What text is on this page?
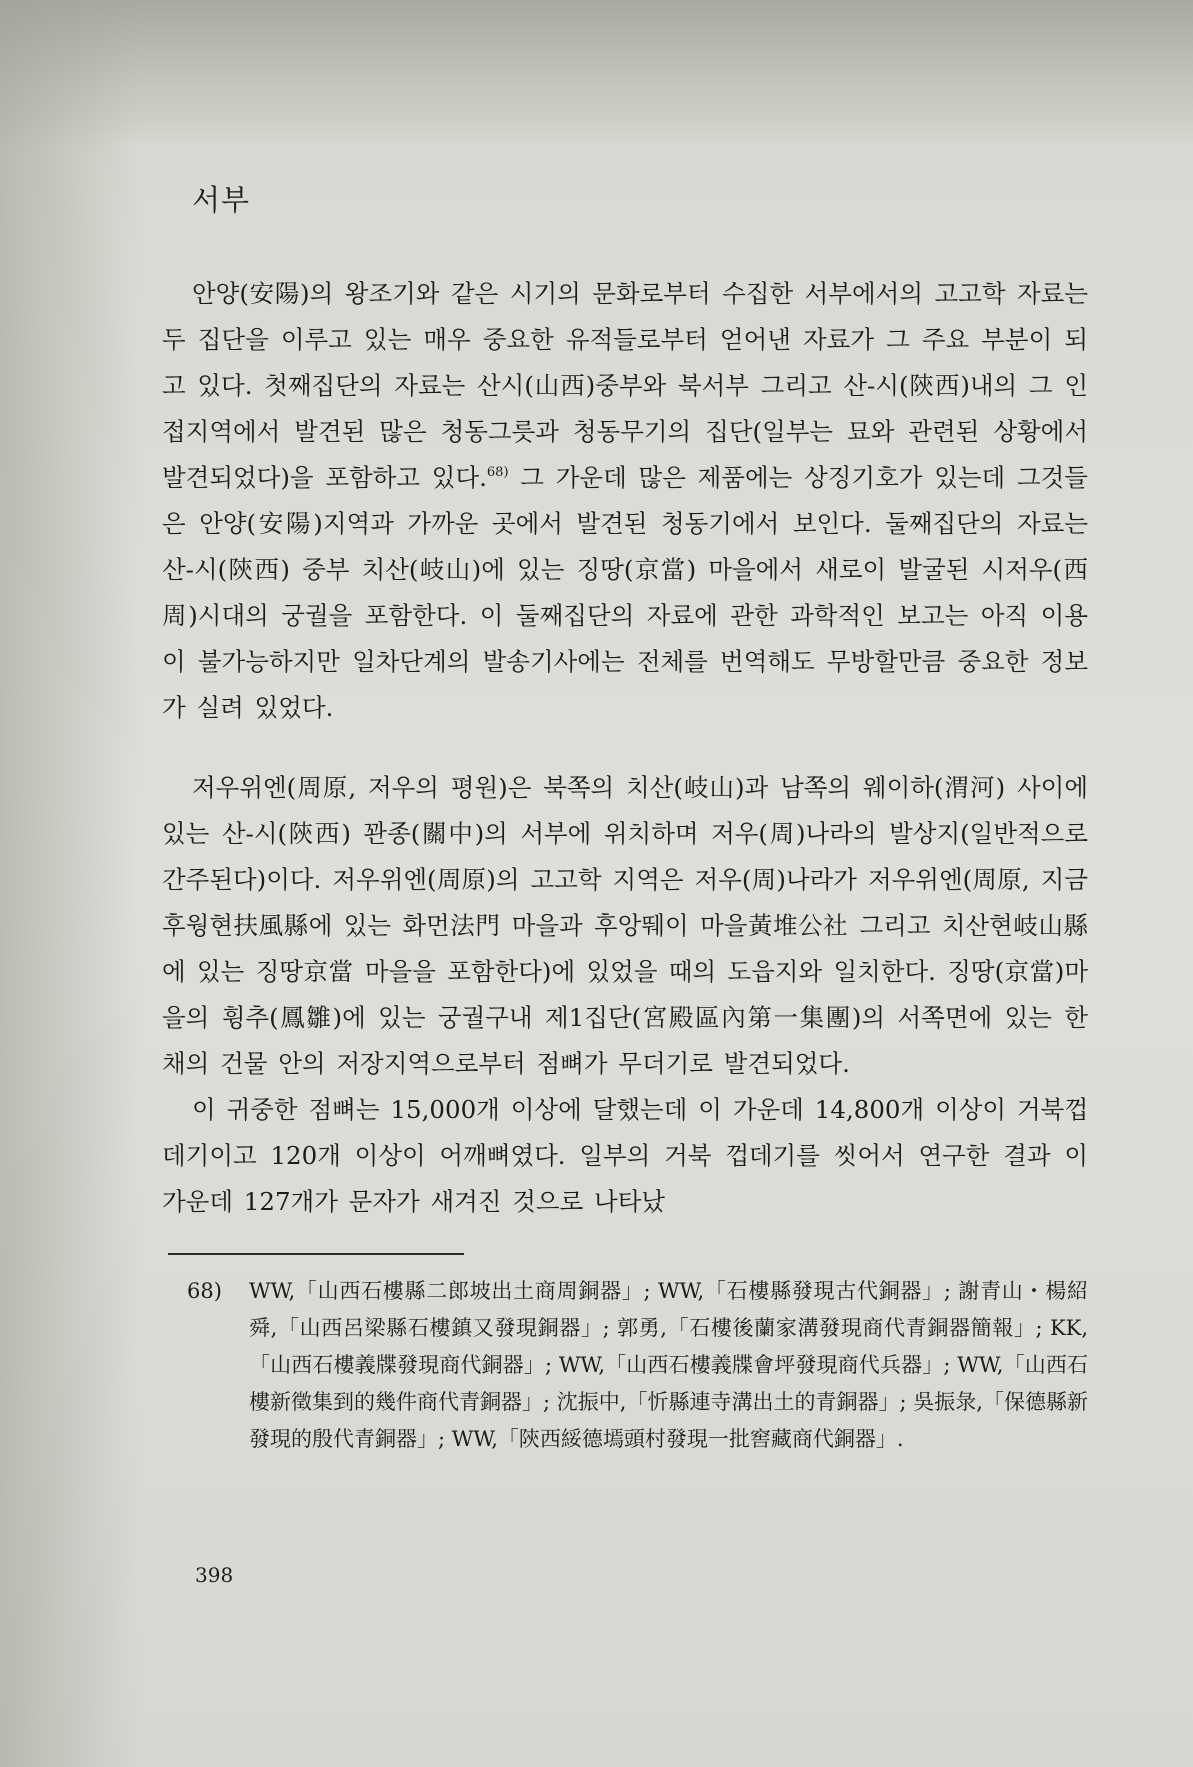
서부

안양(安陽)의 왕조기와 같은 시기의 문화로부터 수집한 서부에서의 고고학 자료는 두 집단을 이루고 있는 매우 중요한 유적들로부터 얻어낸 자료가 그 주요 부분이 되고 있다. 첫째집단의 자료는 산시(山西)중부와 북서부 그리고 산-시(陝西)내의 그 인접지역에서 발견된 많은 청동그릇과 청동무기의 집단(일부는 묘와 관련된 상황에서 발견되었다)을 포함하고 있다.$^{68)}$ 그 가운데 많은 제품에는 상징기호가 있는데 그것들은 안양(安陽)지역과 가까운 곳에서 발견된 청동기에서 보인다. 둘째집단의 자료는 산-시(陝西) 중부 치산(岐山)에 있는 징땅(京當) 마을에서 새로이 발굴된 시저우(西周)시대의 궁궐을 포함한다. 이 둘째집단의 자료에 관한 과학적인 보고는 아직 이용이 불가능하지만 일차단계의 발송기사에는 전체를 번역해도 무방할만큼 중요한 정보가 실려 있었다.

저우위엔(周原, 저우의 평원)은 북쪽의 치산(岐山)과 남쪽의 웨이하(渭河) 사이에 있는 산-시(陝西) 꽌종(關中)의 서부에 위치하며 저우(周)나라의 발상지(일반적으로 간주된다)이다. 저우위엔(周原)의 고고학 지역은 저우(周)나라가 저우위엔(周原, 지금 후웡현扶風縣에 있는 화먼法門 마을과 후앙뛔이 마을黃堆公社 그리고 치산현岐山縣에 있는 징땅京當 마을을 포함한다)에 있었을 때의 도읍지와 일치한다. 징땅(京當)마을의 휭추(鳳雛)에 있는 궁궐구내 제1집단(宮殿區內第一集團)의 서쪽면에 있는 한 채의 건물 안의 저장지역으로부터 점뼈가 무더기로 발견되었다.

이 귀중한 점뼈는 15,000개 이상에 달했는데 이 가운데 14,800개 이상이 거북껍데기이고 120개 이상이 어깨뼈였다. 일부의 거북 껍데기를 씻어서 연구한 결과 이 가운데 127개가 문자가 새겨진 것으로 나타났

68) WW,「山西石樓縣二郎坡出土商周銅器」; WW,「石樓縣發現古代銅器」; 謝青山・楊紹舜,「山西呂梁縣石樓鎮又發現銅器」; 郭勇,「石樓後蘭家溝發現商代青銅器簡報」; KK,「山西石樓義牒發現商代銅器」; WW,「山西石樓義牒會坪發現商代兵器」; WW,「山西石樓新徵集到的幾件商代青銅器」; 沈振中,「忻縣連寺溝出土的青銅器」; 吳振彔,「保德縣新發現的殷代青銅器」; WW,「陝西綏德墕頭村發現一批窖藏商代銅器」.
398
